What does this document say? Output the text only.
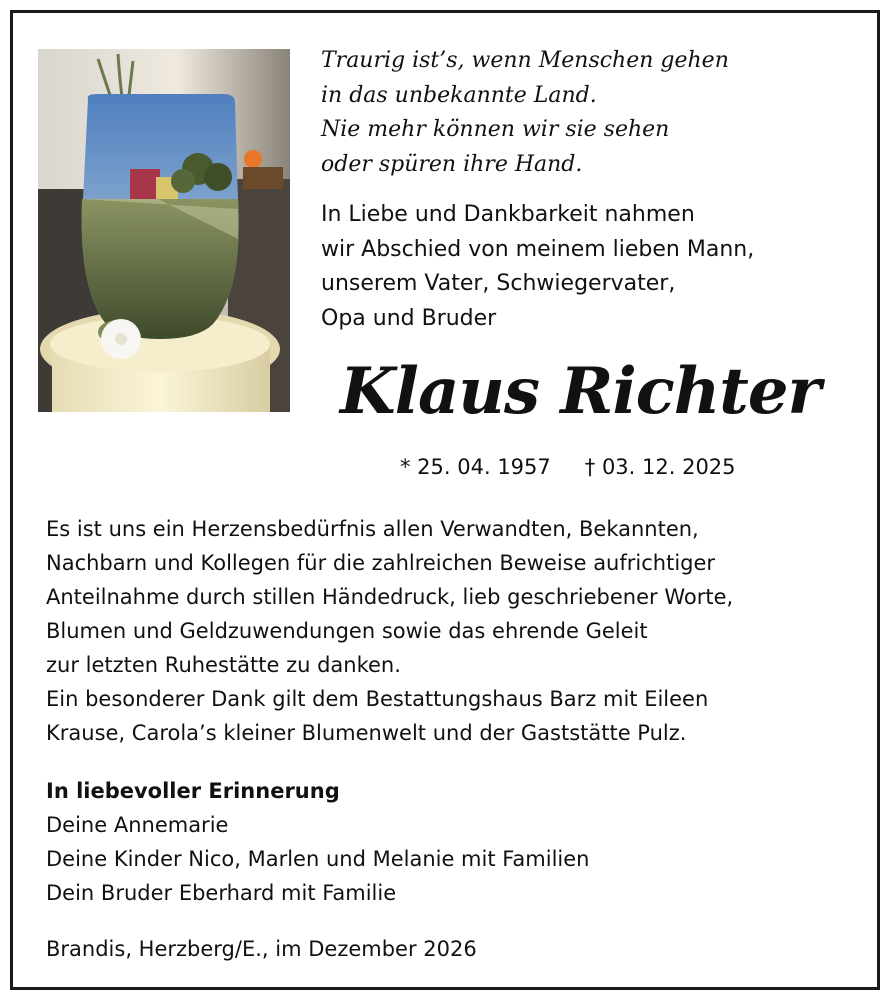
Traurig ist’s, wenn Menschen gehen
in das unbekannte Land.
Nie mehr können wir sie sehen
oder spüren ihre Hand.
In Liebe und Dankbarkeit nahmen
wir Abschied von meinem lieben Mann,
unserem Vater, Schwiegervater,
Opa und Bruder
Klaus Richter
* 25. 04. 1957 † 03. 12. 2025
Es ist uns ein Herzensbedürfnis allen Verwandten, Bekannten,
Nachbarn und Kollegen für die zahlreichen Beweise aufrichtiger
Anteilnahme durch stillen Händedruck, lieb geschriebener Worte,
Blumen und Geldzuwendungen sowie das ehrende Geleit
zur letzten Ruhestätte zu danken.
Ein besonderer Dank gilt dem Bestattungshaus Barz mit Eileen
Krause, Carola’s kleiner Blumenwelt und der Gaststätte Pulz.
In liebevoller Erinnerung
Deine Annemarie
Deine Kinder Nico, Marlen und Melanie mit Familien
Dein Bruder Eberhard mit Familie
Brandis, Herzberg/E., im Dezember 2026
